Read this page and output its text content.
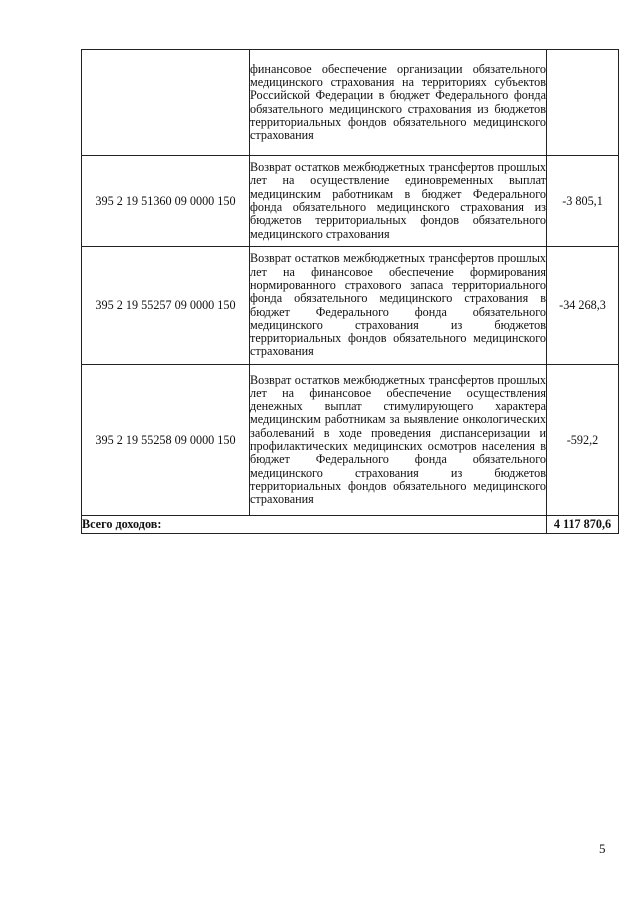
	финансовое обеспечение организации обязательного медицинского страхования на территориях субъектов Российской Федерации в бюджет Федерального фонда обязательного медицинского страхования из бюджетов территориальных фондов обязательного медицинского страхования	
395 2 19 51360 09 0000 150	Возврат остатков межбюджетных трансфертов прошлых лет на осуществление единовременных выплат медицинским работникам в бюджет Федерального фонда обязательного медицинского страхования из бюджетов территориальных фондов обязательного медицинского страхования	-3 805,1
395 2 19 55257 09 0000 150	Возврат остатков межбюджетных трансфертов прошлых лет на финансовое обеспечение формирования нормированного страхового запаса территориального фонда обязательного медицинского страхования в бюджет Федерального фонда обязательного медицинского страхования из бюджетов территориальных фондов обязательного медицинского страхования	-34 268,3
395 2 19 55258 09 0000 150	Возврат остатков межбюджетных трансфертов прошлых лет на финансовое обеспечение осуществления денежных выплат стимулирующего характера медицинским работникам за выявление онкологических заболеваний в ходе проведения диспансеризации и профилактических медицинских осмотров населения в бюджет Федерального фонда обязательного медицинского страхования из бюджетов территориальных фондов обязательного медицинского страхования	-592,2
Всего доходов:		4 117 870,6
5
